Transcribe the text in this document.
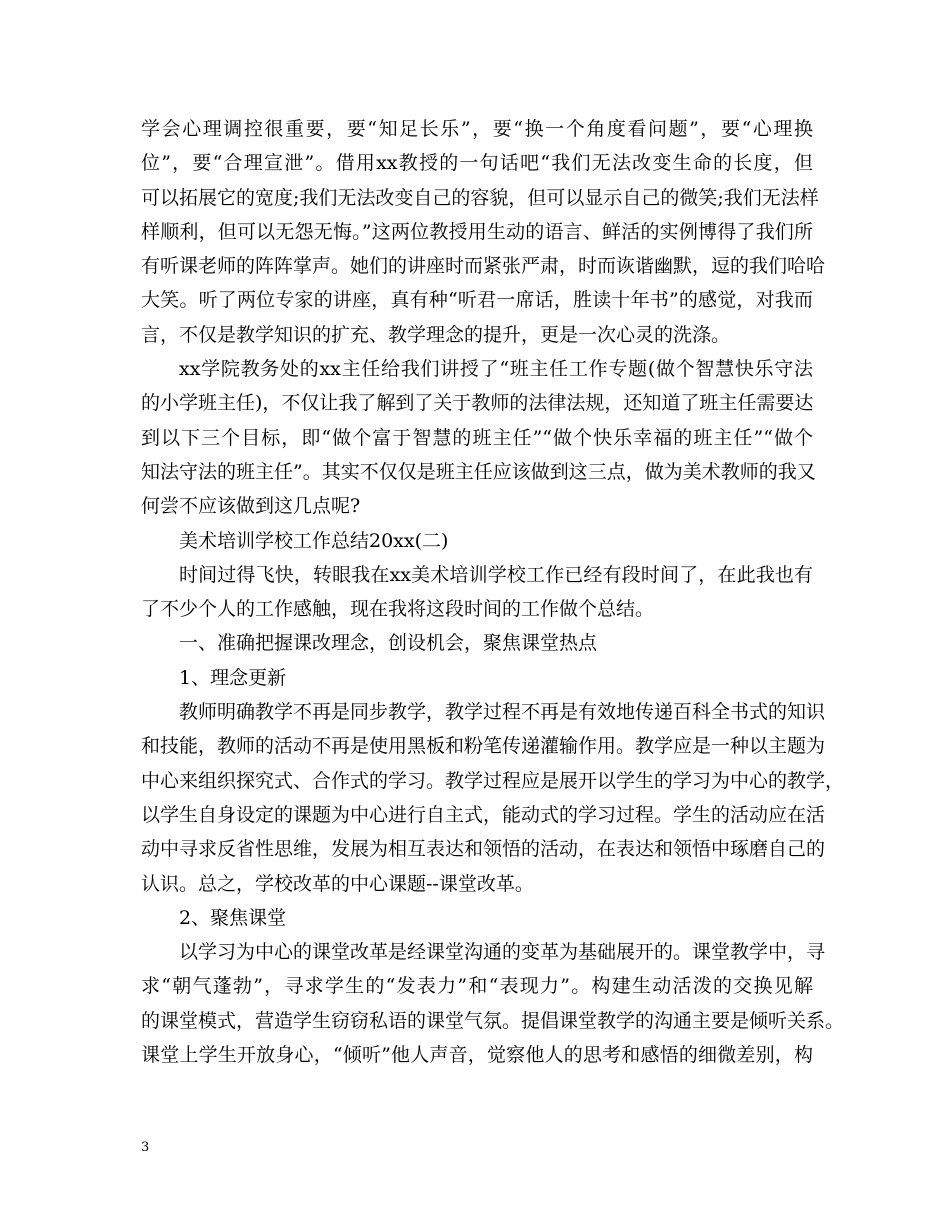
学会心理调控很重要，要“知足长乐”，要“换一个角度看问题”，要“心理换
位”，要“合理宣泄”。借用xx教授的一句话吧“我们无法改变生命的长度，但
可以拓展它的宽度;我们无法改变自己的容貌，但可以显示自己的微笑;我们无法样
样顺利，但可以无怨无悔。”这两位教授用生动的语言、鲜活的实例博得了我们所
有听课老师的阵阵掌声。她们的讲座时而紧张严肃，时而诙谐幽默，逗的我们哈哈
大笑。听了两位专家的讲座，真有种“听君一席话，胜读十年书”的感觉，对我而
言，不仅是教学知识的扩充、教学理念的提升，更是一次心灵的洗涤。

xx学院教务处的xx主任给我们讲授了“班主任工作专题(做个智慧快乐守法
的小学班主任)，不仅让我了解到了关于教师的法律法规，还知道了班主任需要达
到以下三个目标，即“做个富于智慧的班主任”“做个快乐幸福的班主任”“做个
知法守法的班主任”。其实不仅仅是班主任应该做到这三点，做为美术教师的我又
何尝不应该做到这几点呢?

美术培训学校工作总结20xx(二)

时间过得飞快，转眼我在xx美术培训学校工作已经有段时间了，在此我也有
了不少个人的工作感触，现在我将这段时间的工作做个总结。

一、准确把握课改理念，创设机会，聚焦课堂热点

1、理念更新

教师明确教学不再是同步教学，教学过程不再是有效地传递百科全书式的知识
和技能，教师的活动不再是使用黑板和粉笔传递灌输作用。教学应是一种以主题为
中心来组织探究式、合作式的学习。教学过程应是展开以学生的学习为中心的教学，
以学生自身设定的课题为中心进行自主式，能动式的学习过程。学生的活动应在活
动中寻求反省性思维，发展为相互表达和领悟的活动，在表达和领悟中琢磨自己的
认识。总之，学校改革的中心课题--课堂改革。

2、聚焦课堂

以学习为中心的课堂改革是经课堂沟通的变革为基础展开的。课堂教学中，寻
求“朝气蓬勃”，寻求学生的“发表力”和“表现力”。构建生动活泼的交换见解
的课堂模式，营造学生窃窃私语的课堂气氛。提倡课堂教学的沟通主要是倾听关系。
课堂上学生开放身心，“倾听”他人声音，觉察他人的思考和感悟的细微差别，构

3
